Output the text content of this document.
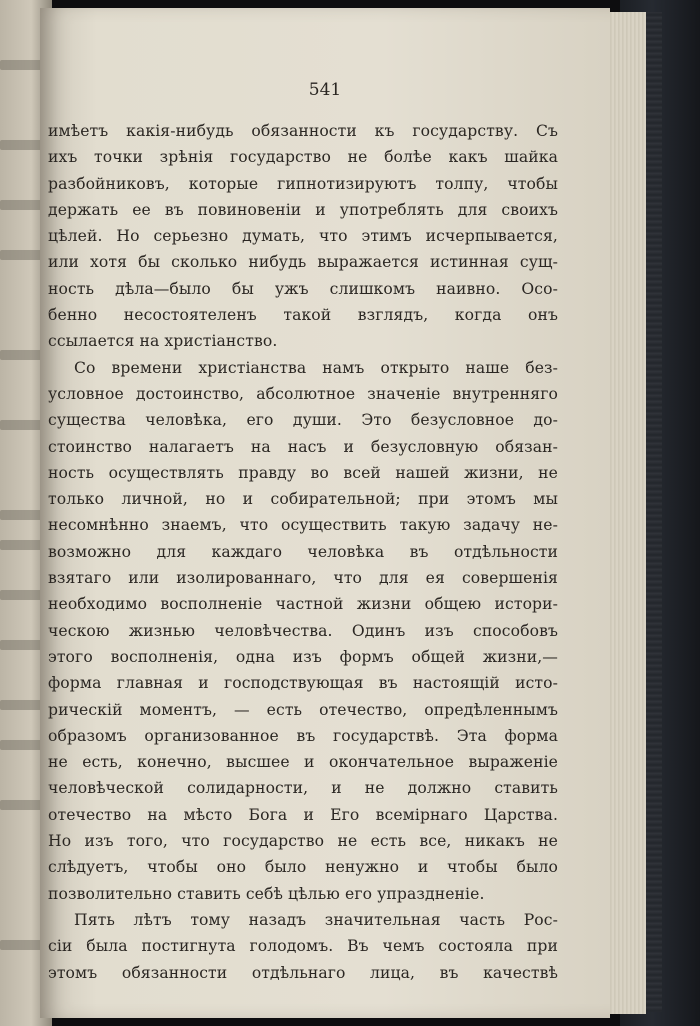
541
имѣетъ какія-нибудь обязанности къ государству. Съ
ихъ точки зрѣнія государство не болѣе какъ шайка
разбойниковъ, которые гипнотизируютъ толпу, чтобы
держать ее въ повиновеніи и употреблять для своихъ
цѣлей. Но серьезно думать, что этимъ исчерпывается,
или хотя бы сколько нибудь выражается истинная сущ-
ность дѣла—было бы ужъ слишкомъ наивно. Осо-
бенно несостоятеленъ такой взглядъ, когда онъ
ссылается на христіанство.
Со времени христіанства намъ открыто наше без-
условное достоинство, абсолютное значеніе внутренняго
существа человѣка, его души. Это безусловное до-
стоинство налагаетъ на насъ и безусловную обязан-
ность осуществлять правду во всей нашей жизни, не
только личной, но и собирательной; при этомъ мы
несомнѣнно знаемъ, что осуществить такую задачу не-
возможно для каждаго человѣка въ отдѣльности
взятаго или изолированнаго, что для ея совершенія
необходимо восполненіе частной жизни общею истори-
ческою жизнью человѣчества. Одинъ изъ способовъ
этого восполненія, одна изъ формъ общей жизни,—
форма главная и господствующая въ настоящій исто-
рическій моментъ, — есть отечество, опредѣленнымъ
образомъ организованное въ государствѣ. Эта форма
не есть, конечно, высшее и окончательное выраженіе
человѣческой солидарности, и не должно ставить
отечество на мѣсто Бога и Его всемірнаго Царства.
Но изъ того, что государство не есть все, никакъ не
слѣдуетъ, чтобы оно было ненужно и чтобы было
позволительно ставить себѣ цѣлью его упраздненіе.
Пять лѣтъ тому назадъ значительная часть Рос-
сіи была постигнута голодомъ. Въ чемъ состояла при
этомъ обязанности отдѣльнаго лица, въ качествѣ
